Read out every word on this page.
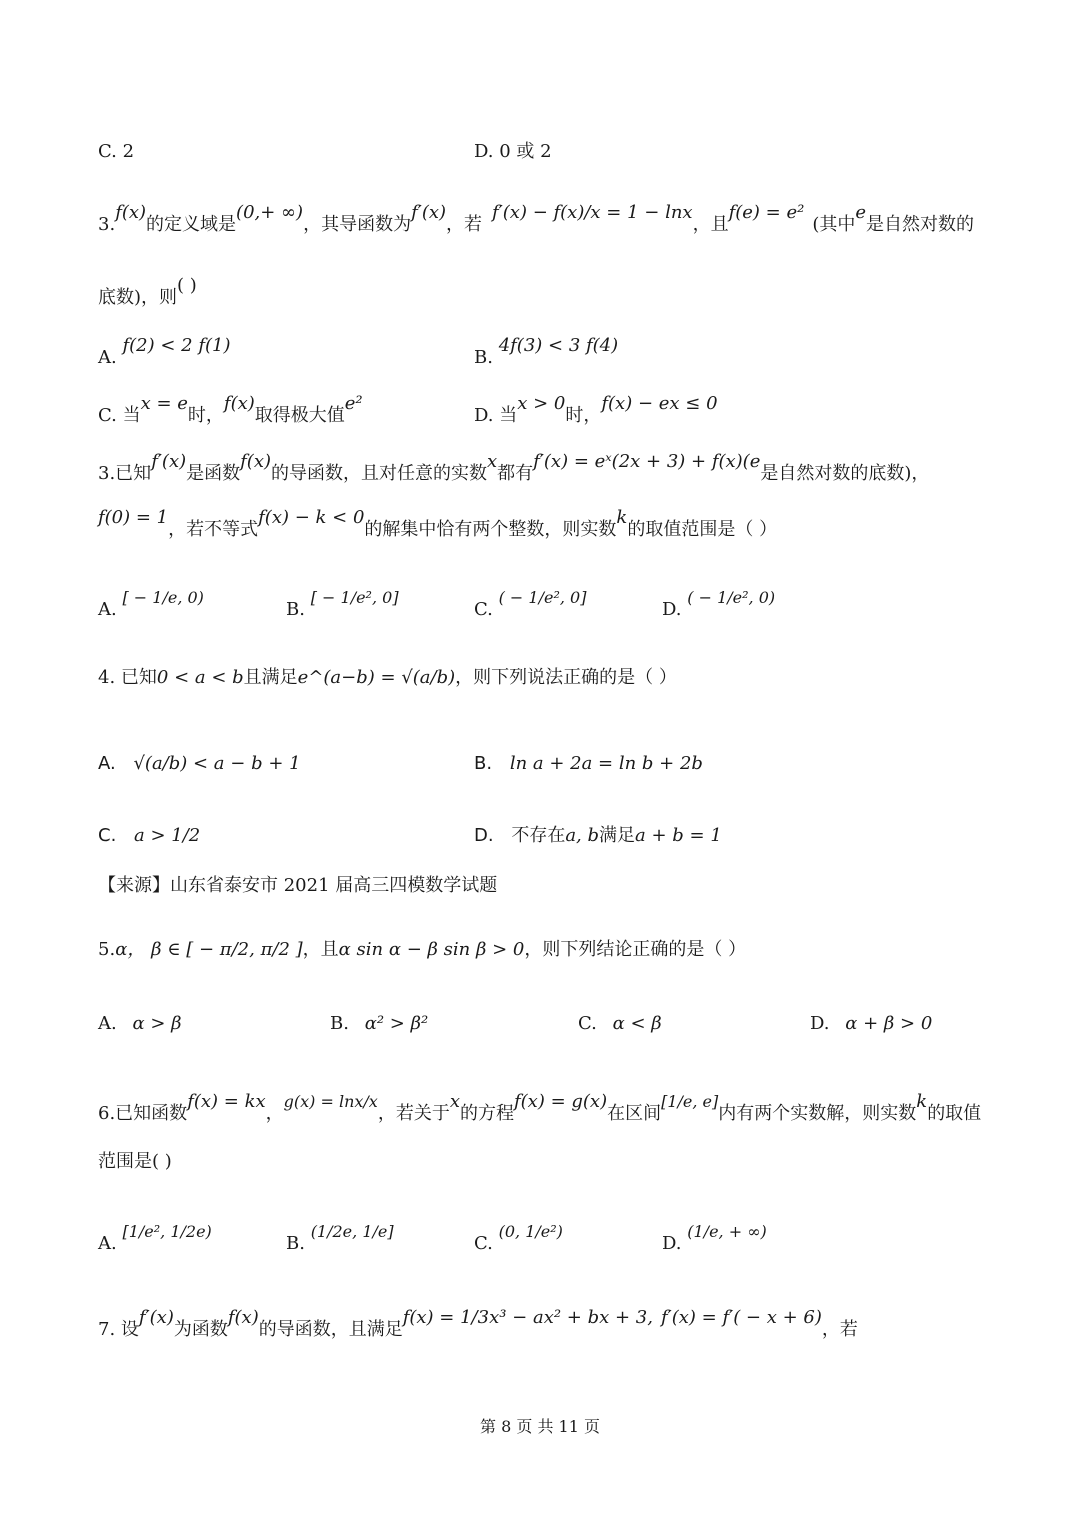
C. 2	D. 0 或 2
3.f(x)的定义域是(0,+ ∞)，其导函数为f′(x)，若f′(x) − f(x)/x = 1 − lnx，且f(e) = e²(其中e是自然对数的
底数)，则( )
A. f(2) < 2 f(1)
B. 4f(3) < 3 f(4)
C. 当x = e时，f(x)取得极大值e²
D. 当x > 0时，f(x) − ex ≤ 0
3.已知f′(x)是函数f(x)的导函数，且对任意的实数x都有f′(x) = eˣ(2x + 3) + f(x)(e是自然对数的底数)，
f(0) = 1，若不等式f(x) − k < 0的解集中恰有两个整数，则实数k的取值范围是（ ）
A. [ − 1/e, 0)
B. [ − 1/e², 0]
C. ( − 1/e², 0]
D. ( − 1/e², 0)
4. 已知0 < a < b且满足e^(a−b) = √(a/b)，则下列说法正确的是（ ）
A. √(a/b) < a − b + 1	B. ln a + 2a = ln b + 2b
C. a > 1/2	D. 不存在a, b满足a + b = 1
【来源】山东省泰安市 2021 届高三四模数学试题
5.α， β ∈ [ − π/2, π/2 ]，且α sin α − β sin β > 0，则下列结论正确的是（ ）
A. α > β	B. α² > β²	C. α < β	D. α + β > 0
6.已知函数f(x) = kx，g(x) = lnx/x，若关于x的方程f(x) = g(x)在区间[1/e, e]内有两个实数解，则实数k的取值
范围是( )
A. [1/e², 1/2e)
B. (1/2e, 1/e]
C. (0, 1/e²)
D. (1/e, + ∞)
7. 设f′(x)为函数f(x)的导函数，且满足f(x) = 1/3x³ − ax² + bx + 3, f′(x) = f′( − x + 6)，若
第 8 页 共 11 页
